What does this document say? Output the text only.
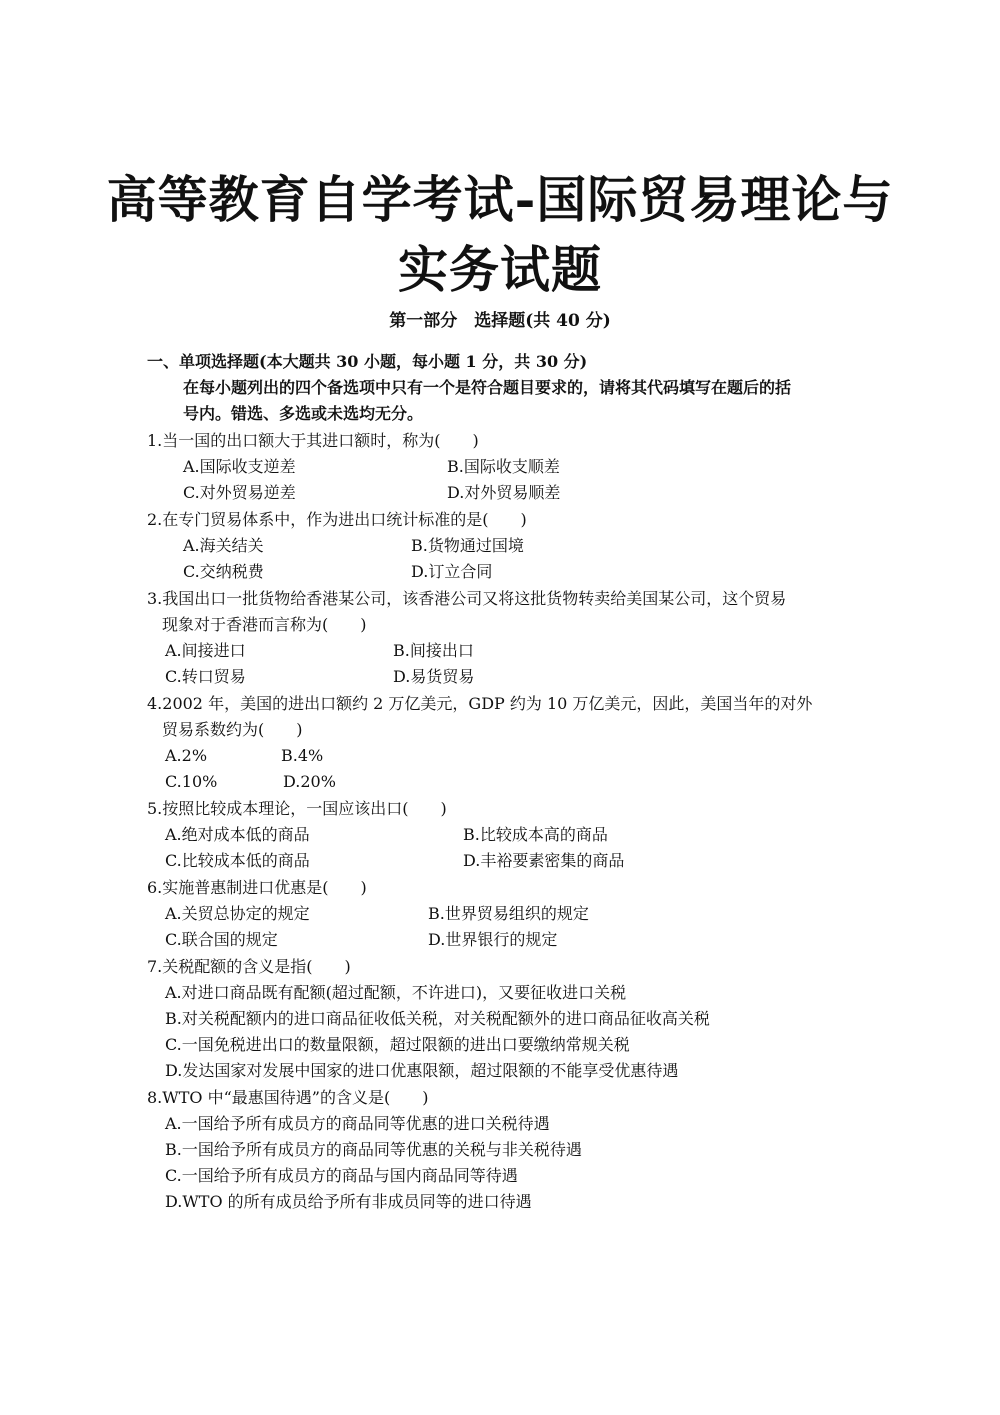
高等教育自学考试-国际贸易理论与
实务试题
第一部分　选择题(共 40 分)
一、单项选择题(本大题共 30 小题，每小题 1 分，共 30 分)
在每小题列出的四个备选项中只有一个是符合题目要求的，请将其代码填写在题后的括
号内。错选、多选或未选均无分。
1.当一国的出口额大于其进口额时，称为(　　)
A.国际收支逆差	B.国际收支顺差
C.对外贸易逆差	D.对外贸易顺差
2.在专门贸易体系中，作为进出口统计标准的是(　　)
A.海关结关	B.货物通过国境
C.交纳税费	D.订立合同
3.我国出口一批货物给香港某公司，该香港公司又将这批货物转卖给美国某公司，这个贸易
现象对于香港而言称为(　　)
A.间接进口	B.间接出口
C.转口贸易	D.易货贸易
4.2002 年，美国的进出口额约 2 万亿美元，GDP 约为 10 万亿美元，因此，美国当年的对外
贸易系数约为(　　)
A.2%	B.4%
C.10%	D.20%
5.按照比较成本理论，一国应该出口(　　)
A.绝对成本低的商品	B.比较成本高的商品
C.比较成本低的商品	D.丰裕要素密集的商品
6.实施普惠制进口优惠是(　　)
A.关贸总协定的规定	B.世界贸易组织的规定
C.联合国的规定	D.世界银行的规定
7.关税配额的含义是指(　　)
A.对进口商品既有配额(超过配额，不许进口)，又要征收进口关税
B.对关税配额内的进口商品征收低关税，对关税配额外的进口商品征收高关税
C.一国免税进出口的数量限额，超过限额的进出口要缴纳常规关税
D.发达国家对发展中国家的进口优惠限额，超过限额的不能享受优惠待遇
8.WTO 中“最惠国待遇”的含义是(　　)
A.一国给予所有成员方的商品同等优惠的进口关税待遇
B.一国给予所有成员方的商品同等优惠的关税与非关税待遇
C.一国给予所有成员方的商品与国内商品同等待遇
D.WTO 的所有成员给予所有非成员同等的进口待遇
